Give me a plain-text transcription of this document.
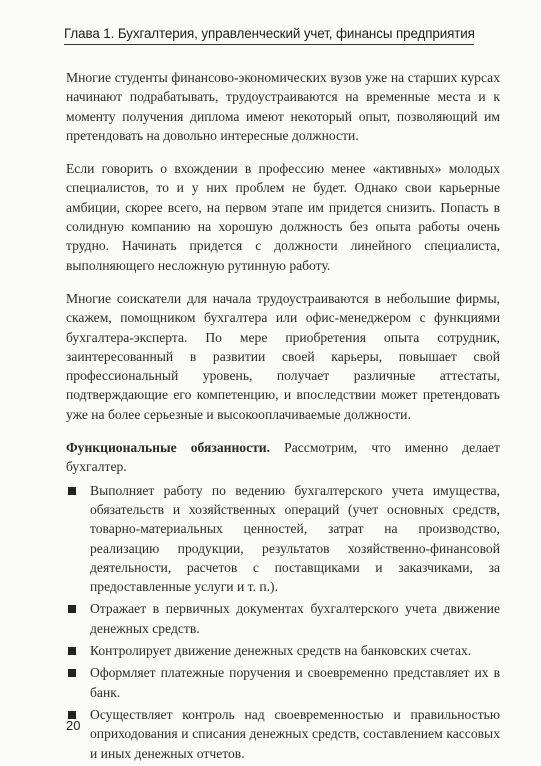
Глава 1. Бухгалтерия, управленческий учет, финансы предприятия

Многие студенты финансово-экономических вузов уже на старших курсах начинают подрабатывать, трудоустраиваются на временные места и к моменту получения диплома имеют некоторый опыт, позволяющий им претендовать на довольно интересные должности.

Если говорить о вхождении в профессию менее «активных» молодых специалистов, то и у них проблем не будет. Однако свои карьерные амбиции, скорее всего, на первом этапе им придется снизить. Попасть в солидную компанию на хорошую должность без опыта работы очень трудно. Начинать придется с должности линейного специалиста, выполняющего несложную рутинную работу.

Многие соискатели для начала трудоустраиваются в небольшие фирмы, скажем, помощником бухгалтера или офис-менеджером с функциями бухгалтера-эксперта. По мере приобретения опыта сотрудник, заинтересованный в развитии своей карьеры, повышает свой профессиональный уровень, получает различные аттестаты, подтверждающие его компетенцию, и впоследствии может претендовать уже на более серьезные и высокооплачиваемые должности.

Функциональные обязанности. Рассмотрим, что именно делает бухгалтер.

Выполняет работу по ведению бухгалтерского учета имущества, обязательств и хозяйственных операций (учет основных средств, товарно-материальных ценностей, затрат на производство, реализацию продукции, результатов хозяйственно-финансовой деятельности, расчетов с поставщиками и заказчиками, за предоставленные услуги и т. п.).
Отражает в первичных документах бухгалтерского учета движение денежных средств.
Контролирует движение денежных средств на банковских счетах.
Оформляет платежные поручения и своевременно представляет их в банк.
Осуществляет контроль над своевременностью и правильностью оприходования и списания денежных средств, составлением кассовых и иных денежных отчетов.
20
